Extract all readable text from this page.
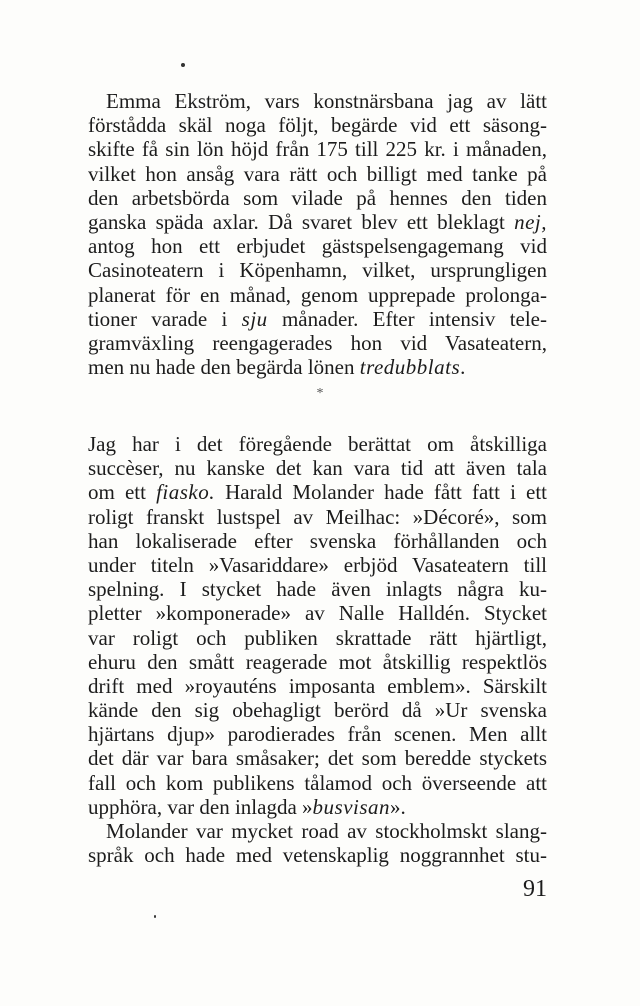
Emma Ekström, vars konstnärsbana jag av lätt
förstådda skäl noga följt, begärde vid ett säsong-
skifte få sin lön höjd från 175 till 225 kr. i månaden,
vilket hon ansåg vara rätt och billigt med tanke på
den arbetsbörda som vilade på hennes den tiden
ganska späda axlar. Då svaret blev ett bleklagt nej,
antog hon ett erbjudet gästspelsengagemang vid
Casinoteatern i Köpenhamn, vilket, ursprungligen
planerat för en månad, genom upprepade prolonga-
tioner varade i sju månader. Efter intensiv tele-
gramväxling reengagerades hon vid Vasateatern,
men nu hade den begärda lönen tredubblats.
*
Jag har i det föregående berättat om åtskilliga
succèser, nu kanske det kan vara tid att även tala
om ett fiasko. Harald Molander hade fått fatt i ett
roligt franskt lustspel av Meilhac: »Décoré», som
han lokaliserade efter svenska förhållanden och
under titeln »Vasariddare» erbjöd Vasateatern till
spelning. I stycket hade även inlagts några ku-
pletter »komponerade» av Nalle Halldén. Stycket
var roligt och publiken skrattade rätt hjärtligt,
ehuru den smått reagerade mot åtskillig respektlös
drift med »royauténs imposanta emblem». Särskilt
kände den sig obehagligt berörd då »Ur svenska
hjärtans djup» parodierades från scenen. Men allt
det där var bara småsaker; det som beredde styckets
fall och kom publikens tålamod och överseende att
upphöra, var den inlagda »busvisan».
Molander var mycket road av stockholmskt slang-
språk och hade med vetenskaplig noggrannhet stu-
91
